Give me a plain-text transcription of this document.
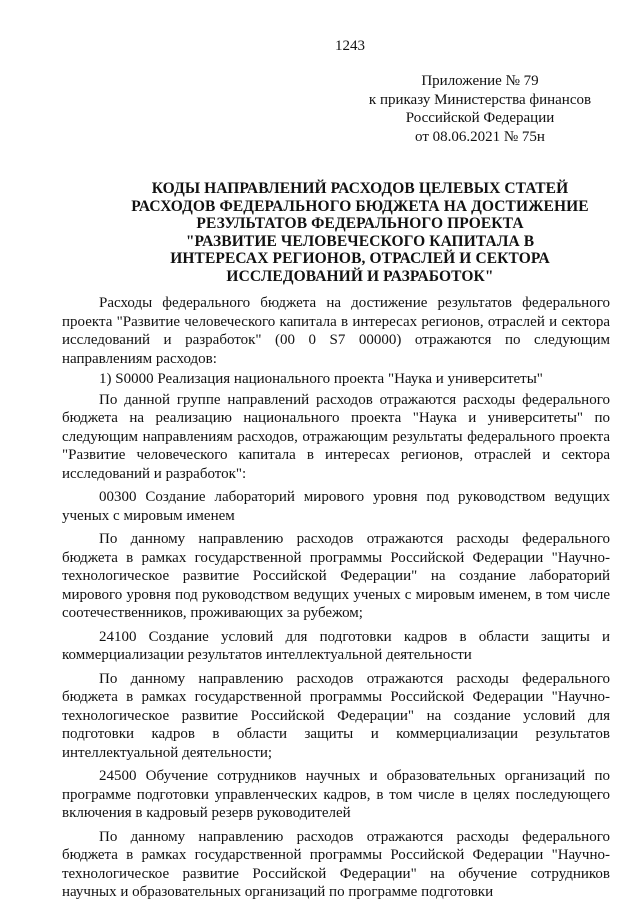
1243
Приложение № 79
к приказу Министерства финансов
Российской Федерации
от 08.06.2021 № 75н
КОДЫ НАПРАВЛЕНИЙ РАСХОДОВ ЦЕЛЕВЫХ СТАТЕЙ
РАСХОДОВ ФЕДЕРАЛЬНОГО БЮДЖЕТА НА ДОСТИЖЕНИЕ
РЕЗУЛЬТАТОВ ФЕДЕРАЛЬНОГО ПРОЕКТА
"РАЗВИТИЕ ЧЕЛОВЕЧЕСКОГО КАПИТАЛА В
ИНТЕРЕСАХ РЕГИОНОВ, ОТРАСЛЕЙ И СЕКТОРА
ИССЛЕДОВАНИЙ И РАЗРАБОТОК"

Расходы федерального бюджета на достижение результатов федерального проекта "Развитие человеческого капитала в интересах регионов, отраслей и сектора исследований и разработок" (00 0 S7 00000) отражаются по следующим направлениям расходов:

1) S0000 Реализация национального проекта "Наука и университеты"

По данной группе направлений расходов отражаются расходы федерального бюджета на реализацию национального проекта "Наука и университеты" по следующим направлениям расходов, отражающим результаты федерального проекта "Развитие человеческого капитала в интересах регионов, отраслей и сектора исследований и разработок":

00300 Создание лабораторий мирового уровня под руководством ведущих ученых с мировым именем

По данному направлению расходов отражаются расходы федерального бюджета в рамках государственной программы Российской Федерации "Научно-технологическое развитие Российской Федерации" на создание лабораторий мирового уровня под руководством ведущих ученых с мировым именем, в том числе соотечественников, проживающих за рубежом;

24100 Создание условий для подготовки кадров в области защиты и коммерциализации результатов интеллектуальной деятельности

По данному направлению расходов отражаются расходы федерального бюджета в рамках государственной программы Российской Федерации "Научно-технологическое развитие Российской Федерации" на создание условий для подготовки кадров в области защиты и коммерциализации результатов интеллектуальной деятельности;

24500 Обучение сотрудников научных и образовательных организаций по программе подготовки управленческих кадров, в том числе в целях последующего включения в кадровый резерв руководителей

По данному направлению расходов отражаются расходы федерального бюджета в рамках государственной программы Российской Федерации "Научно-технологическое развитие Российской Федерации" на обучение сотрудников научных и образовательных организаций по программе подготовки
